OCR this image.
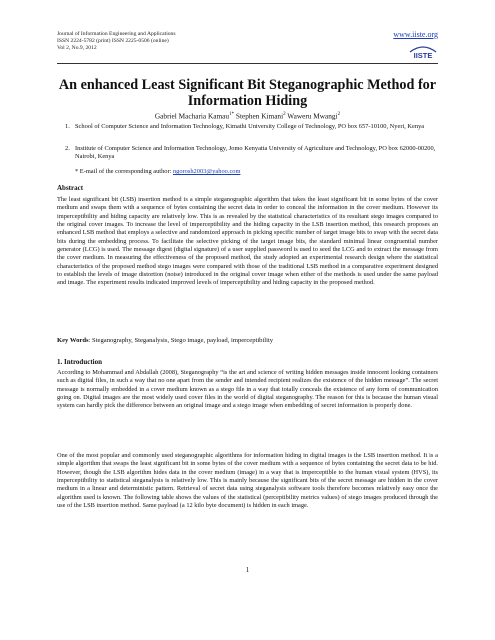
Journal of Information Engineering and Applications
ISSN 2224-5782 (print) ISSN 2225-0506 (online)
Vol 2, No.9, 2012
www.iiste.org
IISTE
An enhanced Least Significant Bit Steganographic Method for Information Hiding
Gabriel Macharia Kamau$^{1*}$ Stephen Kimani$^2$ Waweru Mwangi$^2$
1. School of Computer Science and Information Technology, Kimathi University College of Technology, PO box 657-10100, Nyeri, Kenya
2. Institute of Computer Science and Information Technology, Jomo Kenyatta University of Agriculture and Technology, PO box 62000-00200, Nairobi, Kenya
* E-mail of the corresponding author: ngorosh2003@yahoo.com
Abstract
The least significant bit (LSB) insertion method is a simple steganographic algorithm that takes the least significant bit in some bytes of the cover medium and swaps them with a sequence of bytes containing the secret data in order to conceal the information in the cover medium. However its imperceptibility and hiding capacity are relatively low. This is as revealed by the statistical characteristics of its resultant stego images compared to the original cover images. To increase the level of imperceptibility and the hiding capacity in the LSB insertion method, this research proposes an enhanced LSB method that employs a selective and randomized approach in picking specific number of target image bits to swap with the secret data bits during the embedding process. To facilitate the selective picking of the target image bits, the standard minimal linear congruential number generator (LCG) is used. The message digest (digital signature) of a user supplied password is used to seed the LCG and to extract the message from the cover medium. In measuring the effectiveness of the proposed method, the study adopted an experimental research design where the statistical characteristics of the proposed method stego images were compared with those of the traditional LSB method in a comparative experiment designed to establish the levels of image distortion (noise) introduced in the original cover image when either of the methods is used under the same payload and image. The experiment results indicated improved levels of imperceptibility and hiding capacity in the proposed method.
Key Words: Steganography, Steganalysis, Stego image, payload, imperceptibility
1. Introduction
According to Mohammad and Abdallah (2008), Steganography “is the art and science of writing hidden messages inside innocent looking containers such as digital files, in such a way that no one apart from the sender and intended recipient realizes the existence of the hidden message”. The secret message is normally embedded in a cover medium known as a stego file in a way that totally conceals the existence of any form of communication going on. Digital images are the most widely used cover files in the world of digital steganography. The reason for this is because the human visual system can hardly pick the difference between an original image and a stego image when embedding of secret information is properly done.
One of the most popular and commonly used steganographic algorithms for information hiding in digital images is the LSB insertion method. It is a simple algorithm that swaps the least significant bit in some bytes of the cover medium with a sequence of bytes containing the secret data to be hid. However, though the LSB algorithm hides data in the cover medium (image) in a way that is imperceptible to the human visual system (HVS), its imperceptibility to statistical steganalysis is relatively low. This is mainly because the significant bits of the secret message are hidden in the cover medium in a linear and deterministic pattern. Retrieval of secret data using steganalysis software tools therefore becomes relatively easy once the algorithm used is known. The following table shows the values of the statistical (perceptibility metrics values) of stego images produced through the use of the LSB insertion method. Same payload (a 12 kilo byte document) is hidden in each image.
1
